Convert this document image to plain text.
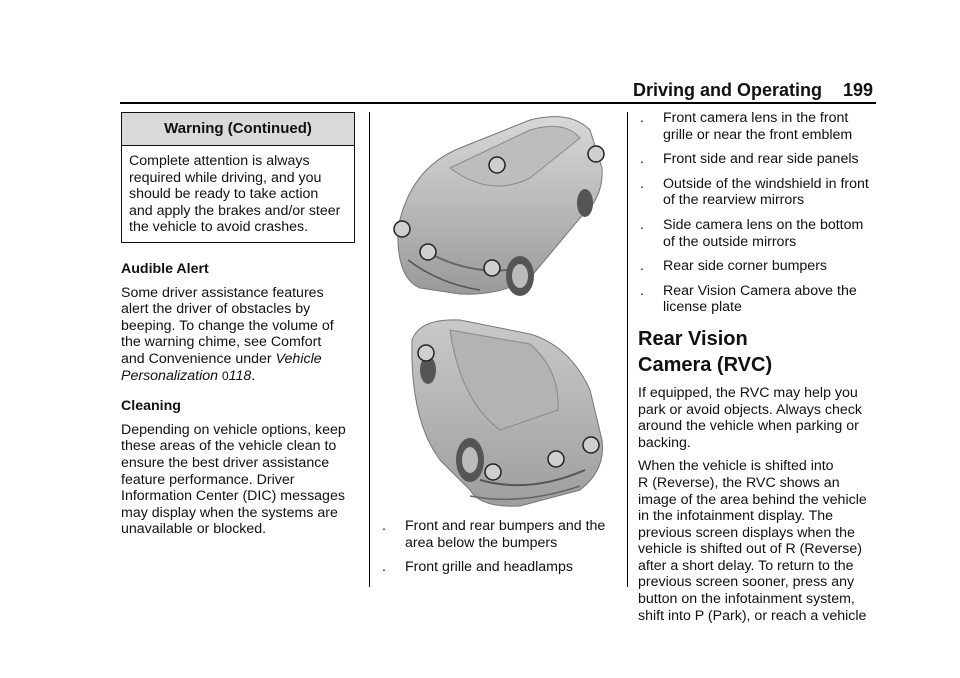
Driving and Operating 199
Warning (Continued)
Complete attention is always
required while driving, and you
should be ready to take action
and apply the brakes and/or steer
the vehicle to avoid crashes.
Audible Alert
Some driver assistance features
alert the driver of obstacles by
beeping. To change the volume of
the warning chime, see Comfort
and Convenience under Vehicle
Personalization 0118.
Cleaning
Depending on vehicle options, keep
these areas of the vehicle clean to
ensure the best driver assistance
feature performance. Driver
Information Center (DIC) messages
may display when the systems are
unavailable or blocked.	. Front and rear bumpers and the
area below the bumpers
. Front grille and headlamps
. Front camera lens in the front
grille or near the front emblem
. Front side and rear side panels
. Outside of the windshield in front
of the rearview mirrors
. Side camera lens on the bottom
of the outside mirrors
. Rear side corner bumpers
. Rear Vision Camera above the
license plate
Rear Vision
Camera (RVC)
If equipped, the RVC may help you
park or avoid objects. Always check
around the vehicle when parking or
backing.
When the vehicle is shifted into
R (Reverse), the RVC shows an
image of the area behind the vehicle
in the infotainment display. The
previous screen displays when the
vehicle is shifted out of R (Reverse)
after a short delay. To return to the
previous screen sooner, press any
button on the infotainment system,
shift into P (Park), or reach a vehicle
